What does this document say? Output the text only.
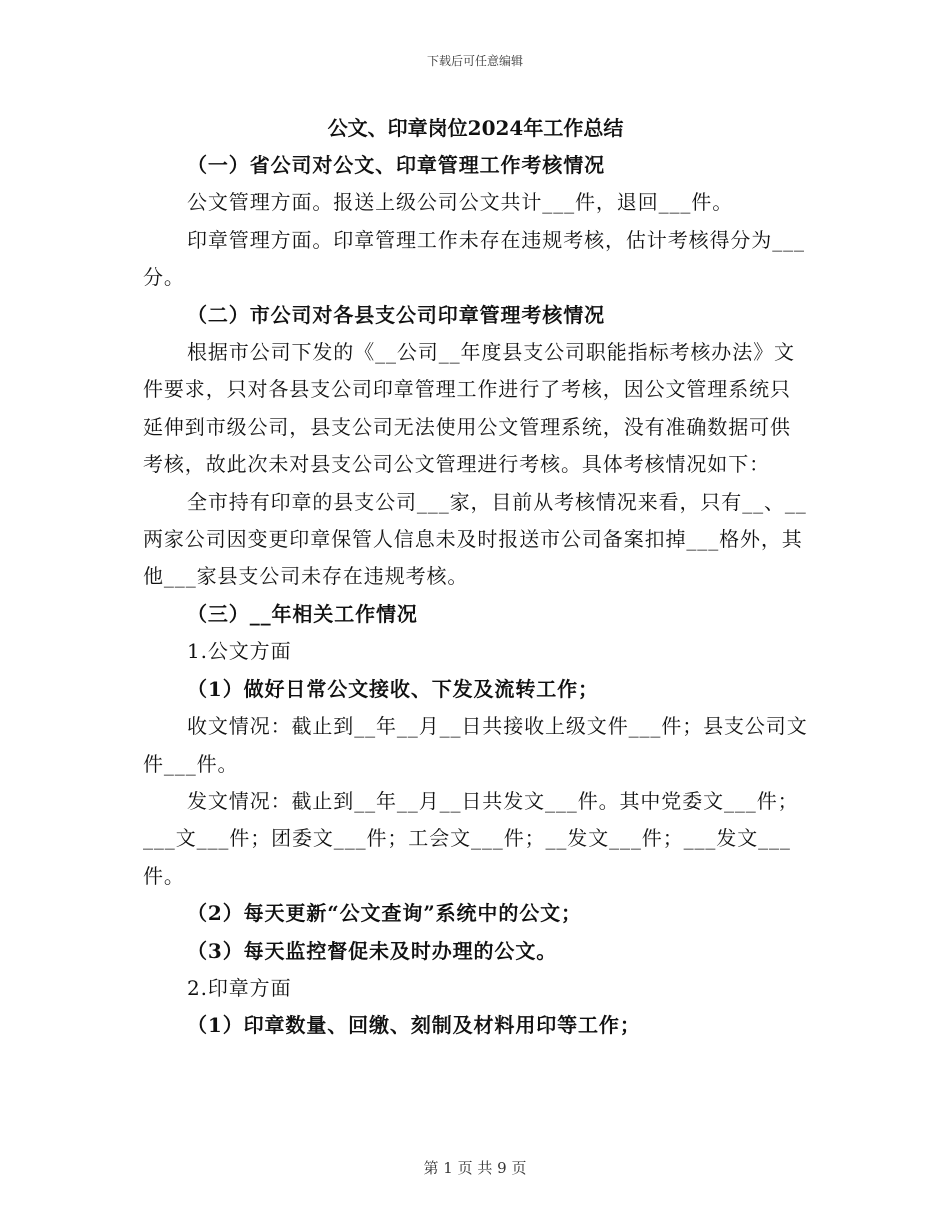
下载后可任意编辑
公文、印章岗位2024年工作总结

（一）省公司对公文、印章管理工作考核情况

公文管理方面。报送上级公司公文共计___件，退回___件。

印章管理方面。印章管理工作未存在违规考核，估计考核得分为___分。

（二）市公司对各县支公司印章管理考核情况

根据市公司下发的《__公司__年度县支公司职能指标考核办法》文件要求，只对各县支公司印章管理工作进行了考核，因公文管理系统只延伸到市级公司，县支公司无法使用公文管理系统，没有准确数据可供考核，故此次未对县支公司公文管理进行考核。具体考核情况如下：

全市持有印章的县支公司___家，目前从考核情况来看，只有__、__两家公司因变更印章保管人信息未及时报送市公司备案扣掉___格外，其他___家县支公司未存在违规考核。

（三）__年相关工作情况

1.公文方面

（1）做好日常公文接收、下发及流转工作；

收文情况：截止到__年__月__日共接收上级文件___件；县支公司文件___件。

发文情况：截止到__年__月__日共发文___件。其中党委文___件；___文___件；团委文___件；工会文___件；__发文___件；___发文___件。

（2）每天更新“公文查询”系统中的公文；

（3）每天监控督促未及时办理的公文。

2.印章方面

（1）印章数量、回缴、刻制及材料用印等工作；

第 1 页 共 9 页
